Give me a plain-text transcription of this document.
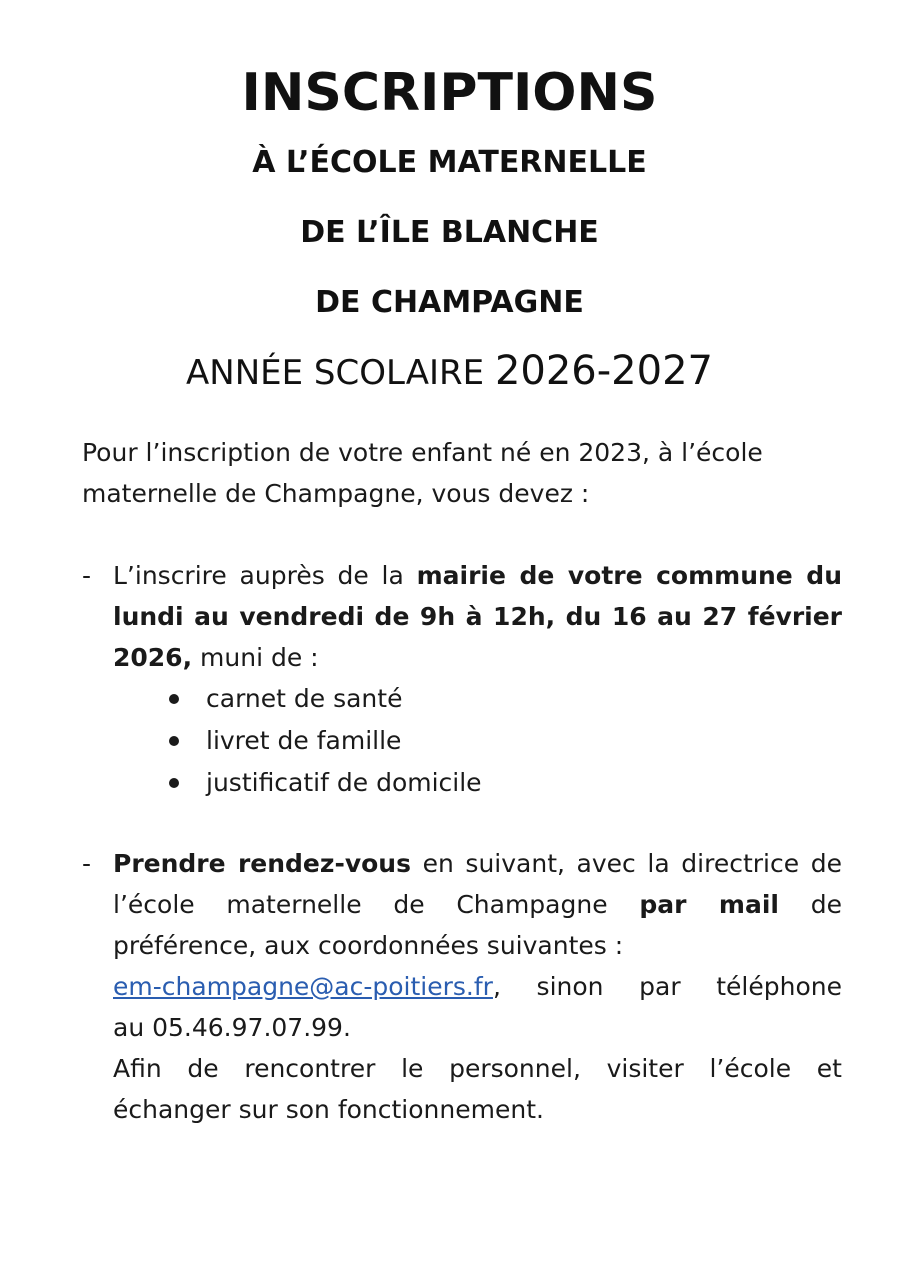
INSCRIPTIONS

À L’ÉCOLE MATERNELLE

DE L’ÎLE BLANCHE

DE CHAMPAGNE

ANNÉE SCOLAIRE 2026-2027

Pour l’inscription de votre enfant né en 2023, à l’école
maternelle de Champagne, vous devez :
- L’inscrire auprès de la mairie de votre commune du lundi au vendredi de 9h à 12h, du 16 au 27 février 2026, muni de :
carnet de santé
livret de famille
justificatif de domicile
- Prendre rendez-vous en suivant, avec la directrice de
l’école maternelle de Champagne par mail de
préférence, aux coordonnées suivantes :
em-champagne@ac-poitiers.fr, sinon par téléphone
au 05.46.97.07.99.
Afin de rencontrer le personnel, visiter l’école et
échanger sur son fonctionnement.
